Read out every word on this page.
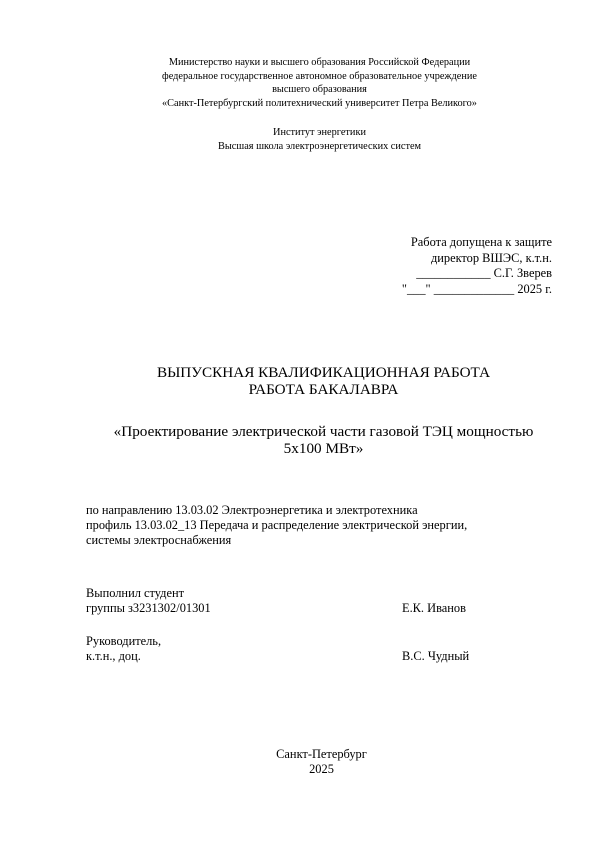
Министерство науки и высшего образования Российской Федерации
федеральное государственное автономное образовательное учреждение
высшего образования
«Санкт-Петербургский политехнический университет Петра Великого»
Институт энергетики
Высшая школа электроэнергетических систем
Работа допущена к защите
директор ВШЭС, к.т.н.
____________ С.Г. Зверев
"___" _____________ 2025 г.
ВЫПУСКНАЯ КВАЛИФИКАЦИОННАЯ РАБОТА
РАБОТА БАКАЛАВРА
«Проектирование электрической части газовой ТЭЦ мощностью
5х100 МВт»
по направлению 13.03.02 Электроэнергетика и электротехника
профиль 13.03.02_13 Передача и распределение электрической энергии,
системы электроснабжения
Выполнил студент
группы з3231302/01301	Е.К. Иванов
Руководитель,
к.т.н., доц.	В.С. Чудный
Санкт-Петербург
2025
